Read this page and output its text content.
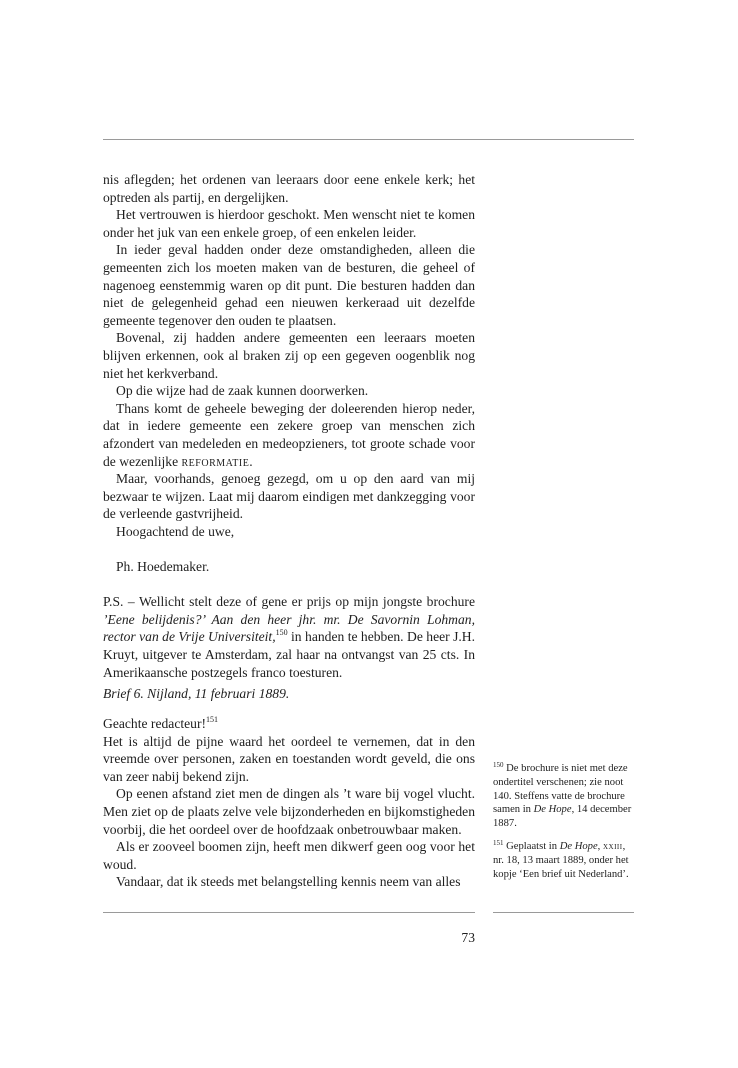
nis aflegden; het ordenen van leeraars door eene enkele kerk; het optreden als partij, en dergelijken.

Het vertrouwen is hierdoor geschokt. Men wenscht niet te komen onder het juk van een enkele groep, of een enkelen leider.

In ieder geval hadden onder deze omstandigheden, alleen die gemeenten zich los moeten maken van de besturen, die geheel of nagenoeg eenstemmig waren op dit punt. Die besturen hadden dan niet de gelegenheid gehad een nieuwen kerkeraad uit dezelfde gemeente tegenover den ouden te plaatsen.

Bovenal, zij hadden andere gemeenten een leeraars moeten blijven erkennen, ook al braken zij op een gegeven oogenblik nog niet het kerkverband.

Op die wijze had de zaak kunnen doorwerken.

Thans komt de geheele beweging der doleerenden hierop neder, dat in iedere gemeente een zekere groep van menschen zich afzondert van medeleden en medeopzieners, tot groote schade voor de wezenlijke reformatie.

Maar, voorhands, genoeg gezegd, om u op den aard van mij bezwaar te wijzen. Laat mij daarom eindigen met dankzegging voor de verleende gastvrijheid.

Hoogachtend de uwe,

Ph. Hoedemaker.

P.S. – Wellicht stelt deze of gene er prijs op mijn jongste brochure ’Eene belijdenis?’ Aan den heer jhr. mr. De Savornin Lohman, rector van de Vrije Universiteit,$^{150}$ in handen te hebben. De heer J.H. Kruyt, uitgever te Amsterdam, zal haar na ontvangst van 25 cts. In Amerikaansche postzegels franco toesturen.

Brief 6. Nijland, 11 februari 1889.

Geachte redacteur!$^{151}$

Het is altijd de pijne waard het oordeel te vernemen, dat in den vreemde over personen, zaken en toestanden wordt geveld, die ons van zeer nabij bekend zijn.

Op eenen afstand ziet men de dingen als ’t ware bij vogel vlucht. Men ziet op de plaats zelve vele bijzonderheden en bijkomstigheden voorbij, die het oordeel over de hoofdzaak onbetrouwbaar maken.

Als er zooveel boomen zijn, heeft men dikwerf geen oog voor het woud.

Vandaar, dat ik steeds met belangstelling kennis neem van alles

$^{150}$ De brochure is niet met deze ondertitel verschenen; zie noot 140. Steffens vatte de brochure samen in De Hope, 14 december 1887.
$^{151}$ Geplaatst in De Hope, xxiii, nr. 18, 13 maart 1889, onder het kopje ‘Een brief uit Nederland’.
73
